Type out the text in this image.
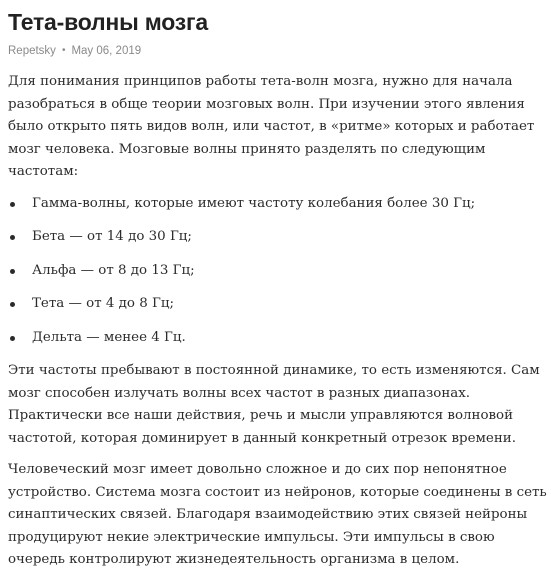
Тета-волны мозга
Repetsky • May 06, 2019

Для понимания принципов работы тета-волн мозга, нужно для начала разобраться в обще теории мозговых волн. При изучении этого явления было открыто пять видов волн, или частот, в «ритме» которых и работает мозг человека. Мозговые волны принято разделять по следующим частотам:

Гамма-волны, которые имеют частоту колебания более 30 Гц;
Бета — от 14 до 30 Гц;
Альфа — от 8 до 13 Гц;
Тета — от 4 до 8 Гц;
Дельта — менее 4 Гц.

Эти частоты пребывают в постоянной динамике, то есть изменяются. Сам мозг способен излучать волны всех частот в разных диапазонах. Практически все наши действия, речь и мысли управляются волновой частотой, которая доминирует в данный конкретный отрезок времени.

Человеческий мозг имеет довольно сложное и до сих пор непонятное устройство. Система мозга состоит из нейронов, которые соединены в сеть синаптических связей. Благодаря взаимодействию этих связей нейроны продуцируют некие электрические импульсы. Эти импульсы в свою очередь контролируют жизнедеятельность организма в целом.
